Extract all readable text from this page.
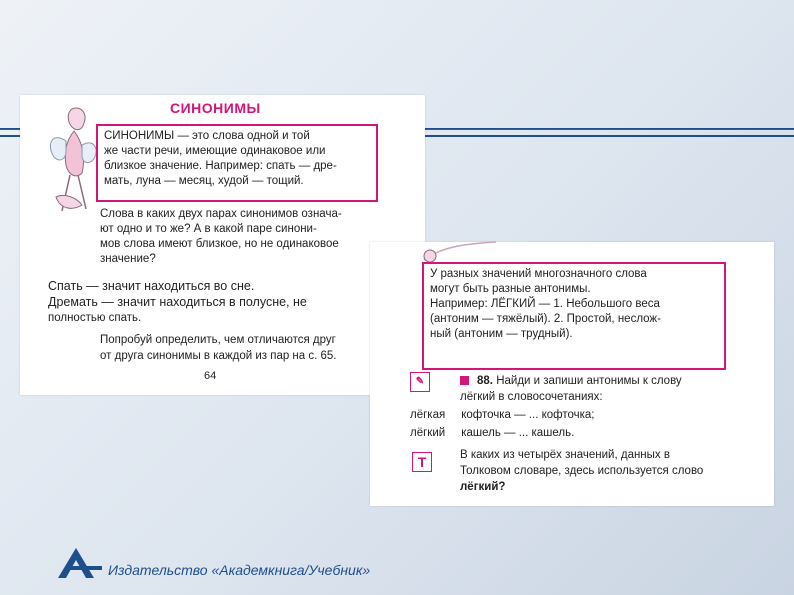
СИНОНИМЫ

СИНОНИМЫ — это слова одной и той

же части речи, имеющие одинаковое или

близкое значение. Например: спать — дре-

мать, луна — месяц, худой — тощий.

Слова в каких двух парах синонимов означа-

ют одно и то же? А в какой паре синони-

мов слова имеют близкое, но не одинаковое

значение?

Спать — значит находиться во сне.

Дремать — значит находиться в полусне, не

полностью спать.

Попробуй определить, чем отличаются друг

от друга синонимы в каждой из пар на с. 65.

64

У разных значений многозначного слова

могут быть разные антонимы.

Например: ЛЁГКИЙ — 1. Небольшого веса

(антоним — тяжёлый). 2. Простой, неслож-

ный (антоним — трудный).

✎	88. Найди и запиши антонимы к слову

лёгкий в словосочетаниях:

лёгкая кофточка — ... кофточка;
лёгкий кашель — ... кашель.
Т	В каких из четырёх значений, данных в

Толковом словаре, здесь используется слово

лёгкий?

Издательство «Академкнига/Учебник»
